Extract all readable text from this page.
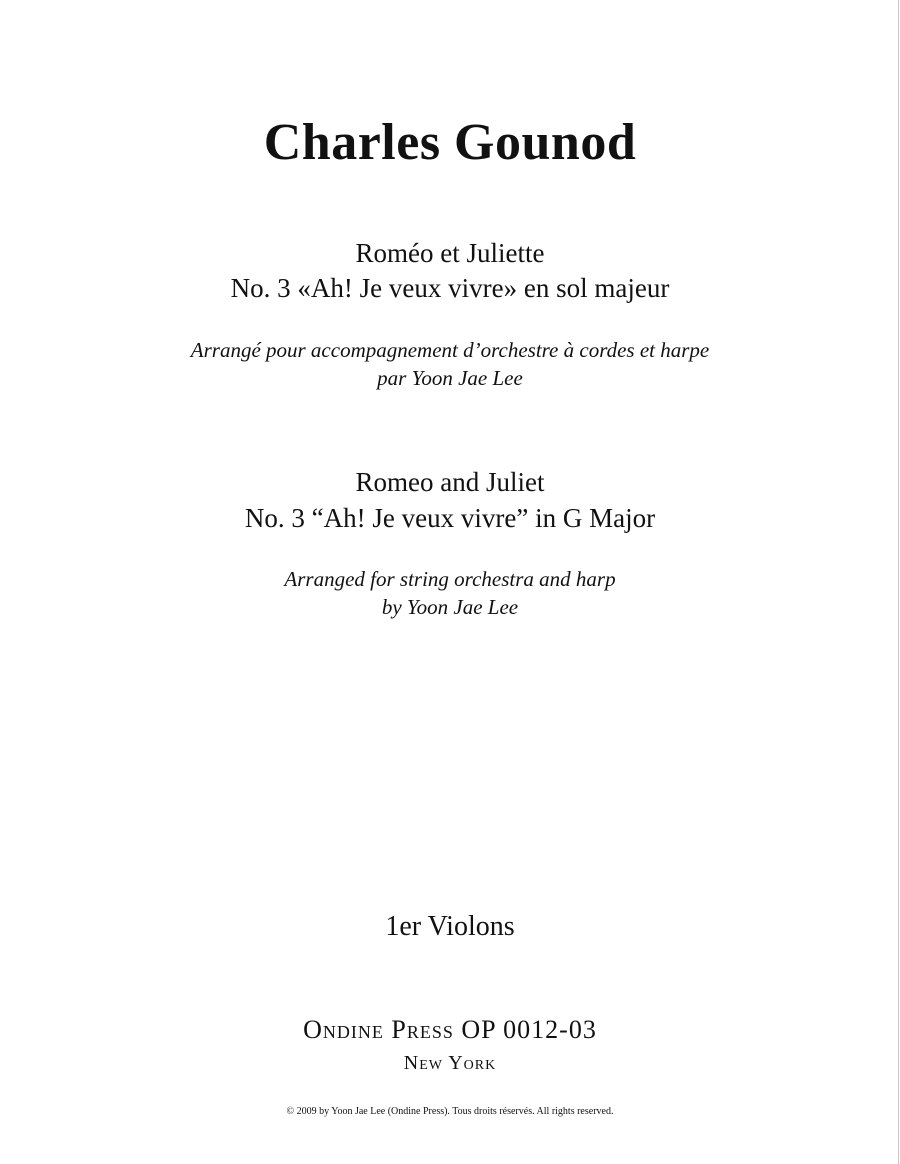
Charles Gounod
Roméo et Juliette
No. 3 «Ah! Je veux vivre» en sol majeur
Arrangé pour accompagnement d’orchestre à cordes et harpe
par Yoon Jae Lee
Romeo and Juliet
No. 3 “Ah! Je veux vivre” in G Major
Arranged for string orchestra and harp
by Yoon Jae Lee
1er Violons
Ondine Press OP 0012-03
New York
© 2009 by Yoon Jae Lee (Ondine Press). Tous droits réservés. All rights reserved.
